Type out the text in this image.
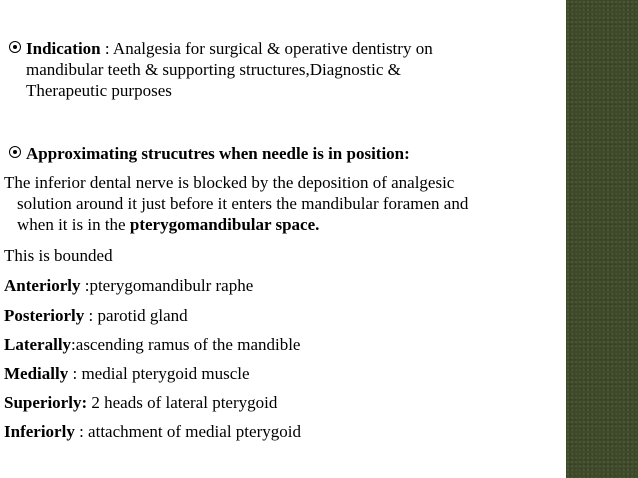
Indication : Analgesia for surgical & operative dentistry on
mandibular teeth & supporting structures,Diagnostic &
Therapeutic purposes
Approximating strucutres when needle is in position:
The inferior dental nerve is blocked by the deposition of analgesic
solution around it just before it enters the mandibular foramen and
when it is in the pterygomandibular space.
This is bounded
Anteriorly :pterygomandibulr raphe
Posteriorly : parotid gland
Laterally:ascending ramus of the mandible
Medially : medial pterygoid muscle
Superiorly: 2 heads of lateral pterygoid
Inferiorly : attachment of medial pterygoid
